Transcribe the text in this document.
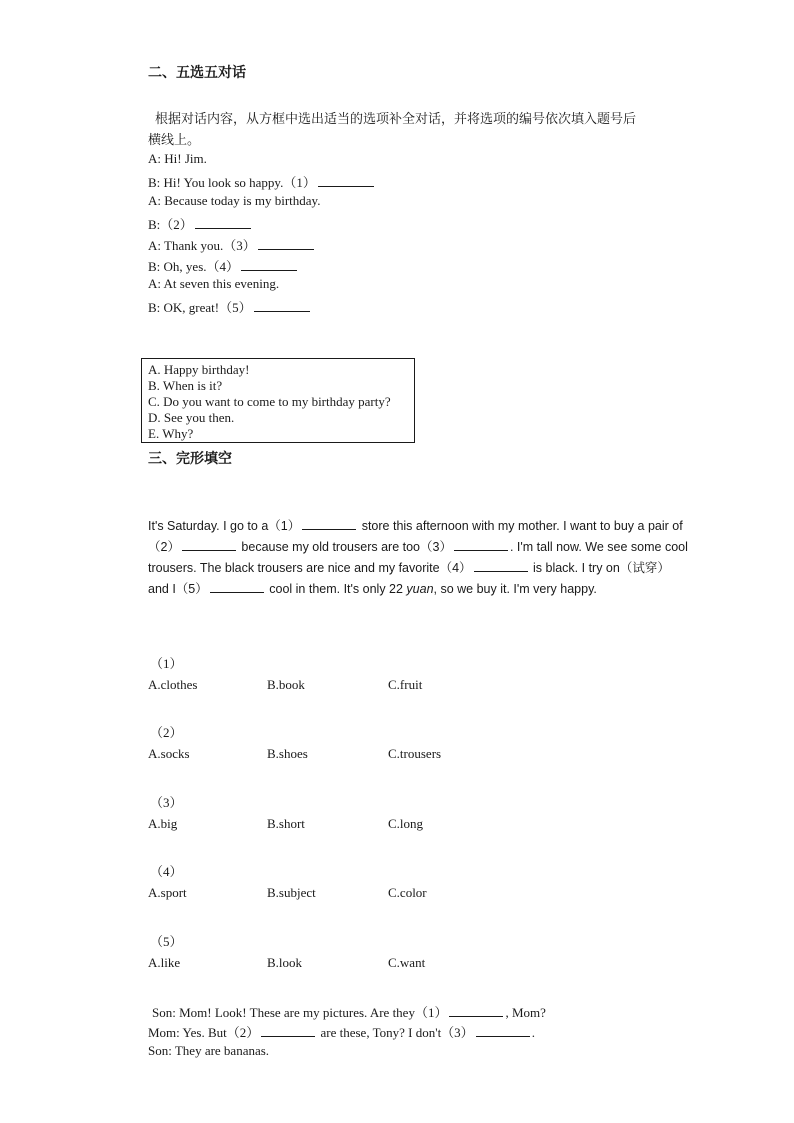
二、五选五对话
根据对话内容，从方框中选出适当的选项补全对话，并将选项的编号依次填入题号后
横线上。
A: Hi! Jim.
B: Hi! You look so happy.（1）
A: Because today is my birthday.
B:（2）
A: Thank you.（3）
B: Oh, yes.（4）
A: At seven this evening.
B: OK, great!（5）
A. Happy birthday!
B. When is it?
C. Do you want to come to my birthday party?
D. See you then.
E. Why?
三、完形填空
It's Saturday. I go to a（1）	store this afternoon with my mother. I want to buy a pair of（2）	because my old trousers are too（3）	. I'm tall now. We see some cool trousers. The black trousers are nice and my favorite（4）	is black. I try on（试穿）and I（5）	cool in them. It's only 22 yuan, so we buy it. I'm very happy.
（1）
A.clothes	B.book	C.fruit
（2）
A.socks	B.shoes	C.trousers
（3）
A.big	B.short	C.long
（4）
A.sport	B.subject	C.color
（5）
A.like	B.look	C.want
Son: Mom! Look! These are my pictures. Are they（1）	, Mom?
Mom: Yes. But（2）	are these, Tony? I don't（3）	.
Son: They are bananas.
